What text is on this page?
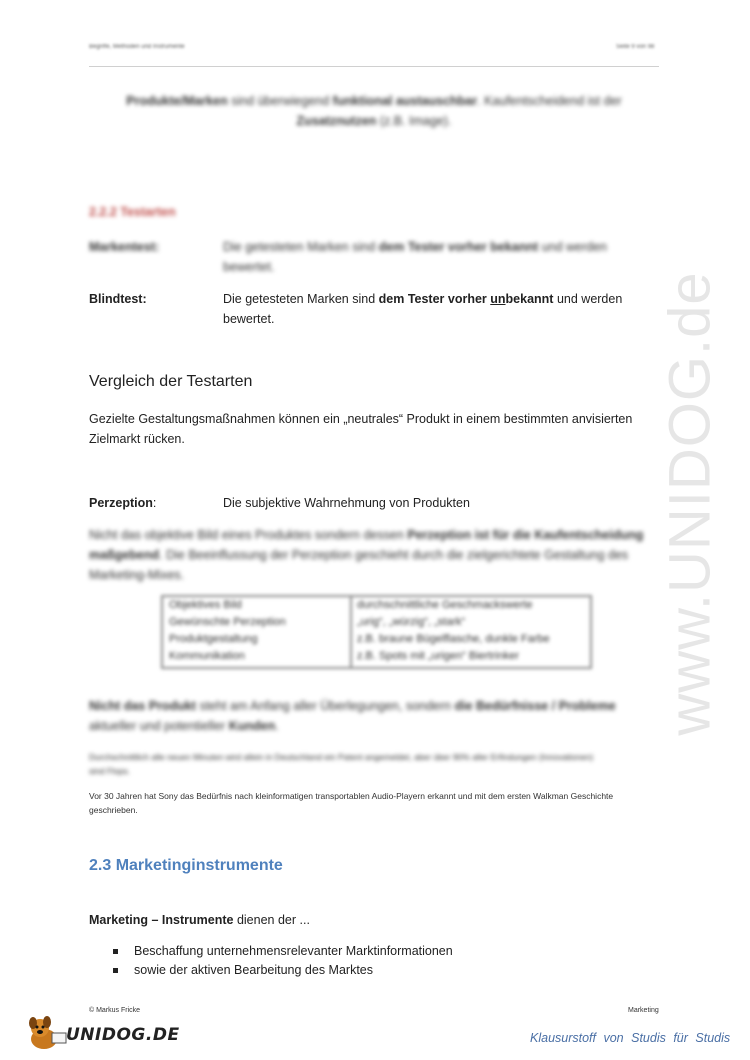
Begriffe, Methoden und Instrumente	Seite 9 von 98
Produkte/Marken sind überwiegend funktional austauschbar. Kaufentscheidend ist der
Zusatznutzen (z.B. Image).
2.2.2 Testarten
Markentest:	Die getesteten Marken sind dem Tester vorher bekannt und werden
bewertet.
Blindtest:	Die getesteten Marken sind dem Tester vorher unbekannt und werden
bewertet.
Vergleich der Testarten
Gezielte Gestaltungsmaßnahmen können ein „neutrales“ Produkt in einem bestimmten anvisierten
Zielmarkt rücken.
Perzeption:	Die subjektive Wahrnehmung von Produkten
Nicht das objektive Bild eines Produktes sondern dessen Perzeption ist für die Kaufentscheidung
maßgebend. Die Beeinflussung der Perzeption geschieht durch die zielgerichtete Gestaltung des
Marketing-Mixes.
Objektives Bild	durchschnittliche Geschmackswerte
Gewünschte Perzeption	„urig“, „würzig“, „stark“
Produktgestaltung	z.B. braune Bügelflasche, dunkle Farbe
Kommunikation	z.B. Spots mit „urigen“ Biertrinker
Nicht das Produkt steht am Anfang aller Überlegungen, sondern die Bedürfnisse / Probleme
aktueller und potentieller Kunden.
Durchschnittlich alle neuen Minuten wird allein in Deutschland ein Patent angemeldet, aber über 90% aller Erfindungen (Innovationen)
sind Flops.
Vor 30 Jahren hat Sony das Bedürfnis nach kleinformatigen transportablen Audio-Playern erkannt und mit dem ersten Walkman Geschichte
geschrieben.
2.3 Marketinginstrumente
Marketing – Instrumente dienen der ...
Beschaffung unternehmensrelevanter Marktinformationen
sowie der aktiven Bearbeitung des Marktes
© Markus Fricke	Marketing
www.UNIDOG.de
UNIDOG.DE	Klausurstoff von Studis für Studis
